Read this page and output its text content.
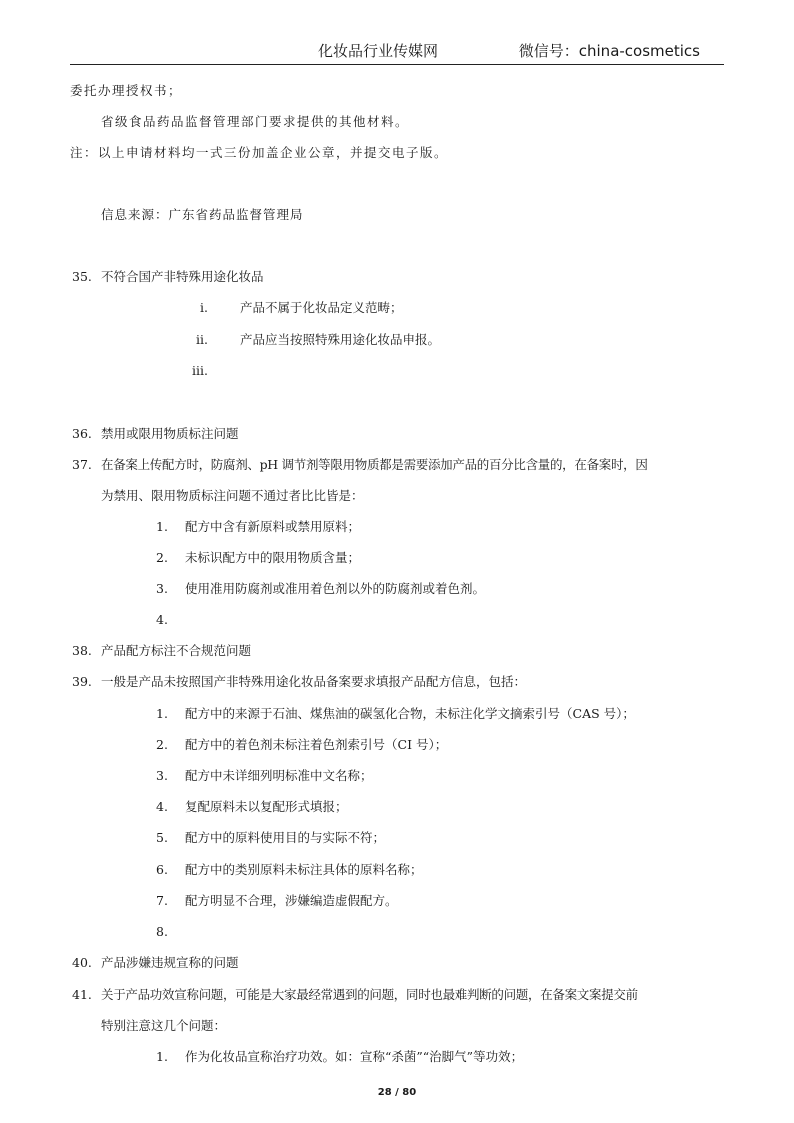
化妆品行业传媒网	微信号：china-cosmetics
委托办理授权书；
省级食品药品监督管理部门要求提供的其他材料。
注：以上申请材料均一式三份加盖企业公章，并提交电子版。
信息来源：广东省药品监督管理局
35. 不符合国产非特殊用途化妆品
i.	产品不属于化妆品定义范畴；
ii.	产品应当按照特殊用途化妆品申报。
iii.
36. 禁用或限用物质标注问题
37. 在备案上传配方时，防腐剂、pH 调节剂等限用物质都是需要添加产品的百分比含量的，在备案时，因
为禁用、限用物质标注问题不通过者比比皆是：
1. 配方中含有新原料或禁用原料；
2. 未标识配方中的限用物质含量；
3. 使用准用防腐剂或准用着色剂以外的防腐剂或着色剂。
4.
38. 产品配方标注不合规范问题
39. 一般是产品未按照国产非特殊用途化妆品备案要求填报产品配方信息，包括：
1. 配方中的来源于石油、煤焦油的碳氢化合物，未标注化学文摘索引号（CAS 号）；
2. 配方中的着色剂未标注着色剂索引号（CI 号）；
3. 配方中未详细列明标准中文名称；
4. 复配原料未以复配形式填报；
5. 配方中的原料使用目的与实际不符；
6. 配方中的类别原料未标注具体的原料名称；
7. 配方明显不合理，涉嫌编造虚假配方。
8.
40. 产品涉嫌违规宣称的问题
41. 关于产品功效宣称问题，可能是大家最经常遇到的问题，同时也最难判断的问题，在备案文案提交前
特别注意这几个问题：
1. 作为化妆品宣称治疗功效。如：宣称“杀菌”“治脚气”等功效；
28 / 80
